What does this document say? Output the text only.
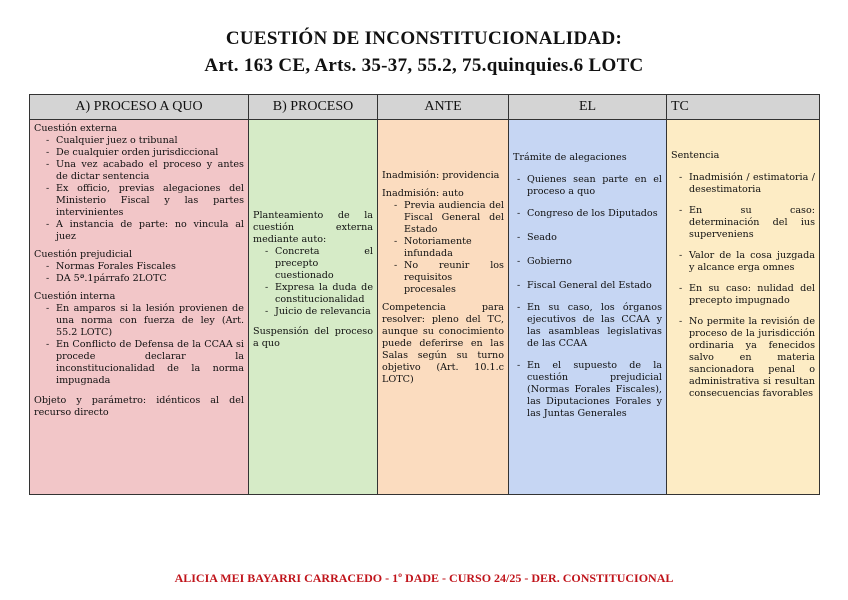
CUESTIÓN DE INCONSTITUCIONALIDAD:
Art. 163 CE, Arts. 35-37, 55.2, 75.quinquies.6 LOTC
A) PROCESO A QUO

Cuestión externa

- Cualquier juez o tribunal
- De cualquier orden jurisdiccional
- Una vez acabado el proceso y antes de dictar sentencia
- Ex officio, previas alegaciones del Ministerio Fiscal y las partes intervinientes
- A instancia de parte: no vincula al juez

Cuestión prejudicial

- Normas Forales Fiscales
- DA 5ª.1párrafo 2LOTC

Cuestión interna

- En amparos si la lesión provienen de una norma con fuerza de ley (Art. 55.2 LOTC)
- En Conflicto de Defensa de la CCAA si procede declarar la inconstitucionalidad de la norma impugnada

Objeto y parámetro: idénticos al del recurso directo

B) PROCESO

Planteamiento de la cuestión externa mediante auto:

- Concreta el precepto cuestionado
- Expresa la duda de constitucionalidad
- Juicio de relevancia

Suspensión del proceso a quo

ANTE

Inadmisión: providencia

Inadmisión: auto

- Previa audiencia del Fiscal General del Estado
- Notoriamente infundada
- No reunir los requisitos procesales

Competencia para resolver: pleno del TC, aunque su conocimiento puede deferirse en las Salas según su turno objetivo (Art. 10.1.c LOTC)

EL

Trámite de alegaciones

- Quienes sean parte en el proceso a quo
- Congreso de los Diputados
- Seado
- Gobierno
- Fiscal General del Estado
- En su caso, los órganos ejecutivos de las CCAA y las asambleas legislativas de las CCAA
- En el supuesto de la cuestión prejudicial (Normas Forales Fiscales), las Diputaciones Forales y las Juntas Generales
TC

Sentencia

- Inadmisión / estimatoria / desestimatoria
- En su caso: determinación del ius superveniens
- Valor de la cosa juzgada y alcance erga omnes
- En su caso: nulidad del precepto impugnado
- No permite la revisión de proceso de la jurisdicción ordinaria ya fenecidos salvo en materia sancionadora penal o administrativa si resultan consecuencias favorables
ALICIA MEI BAYARRI CARRACEDO - 1º DADE - CURSO 24/25 - DER. CONSTITUCIONAL
